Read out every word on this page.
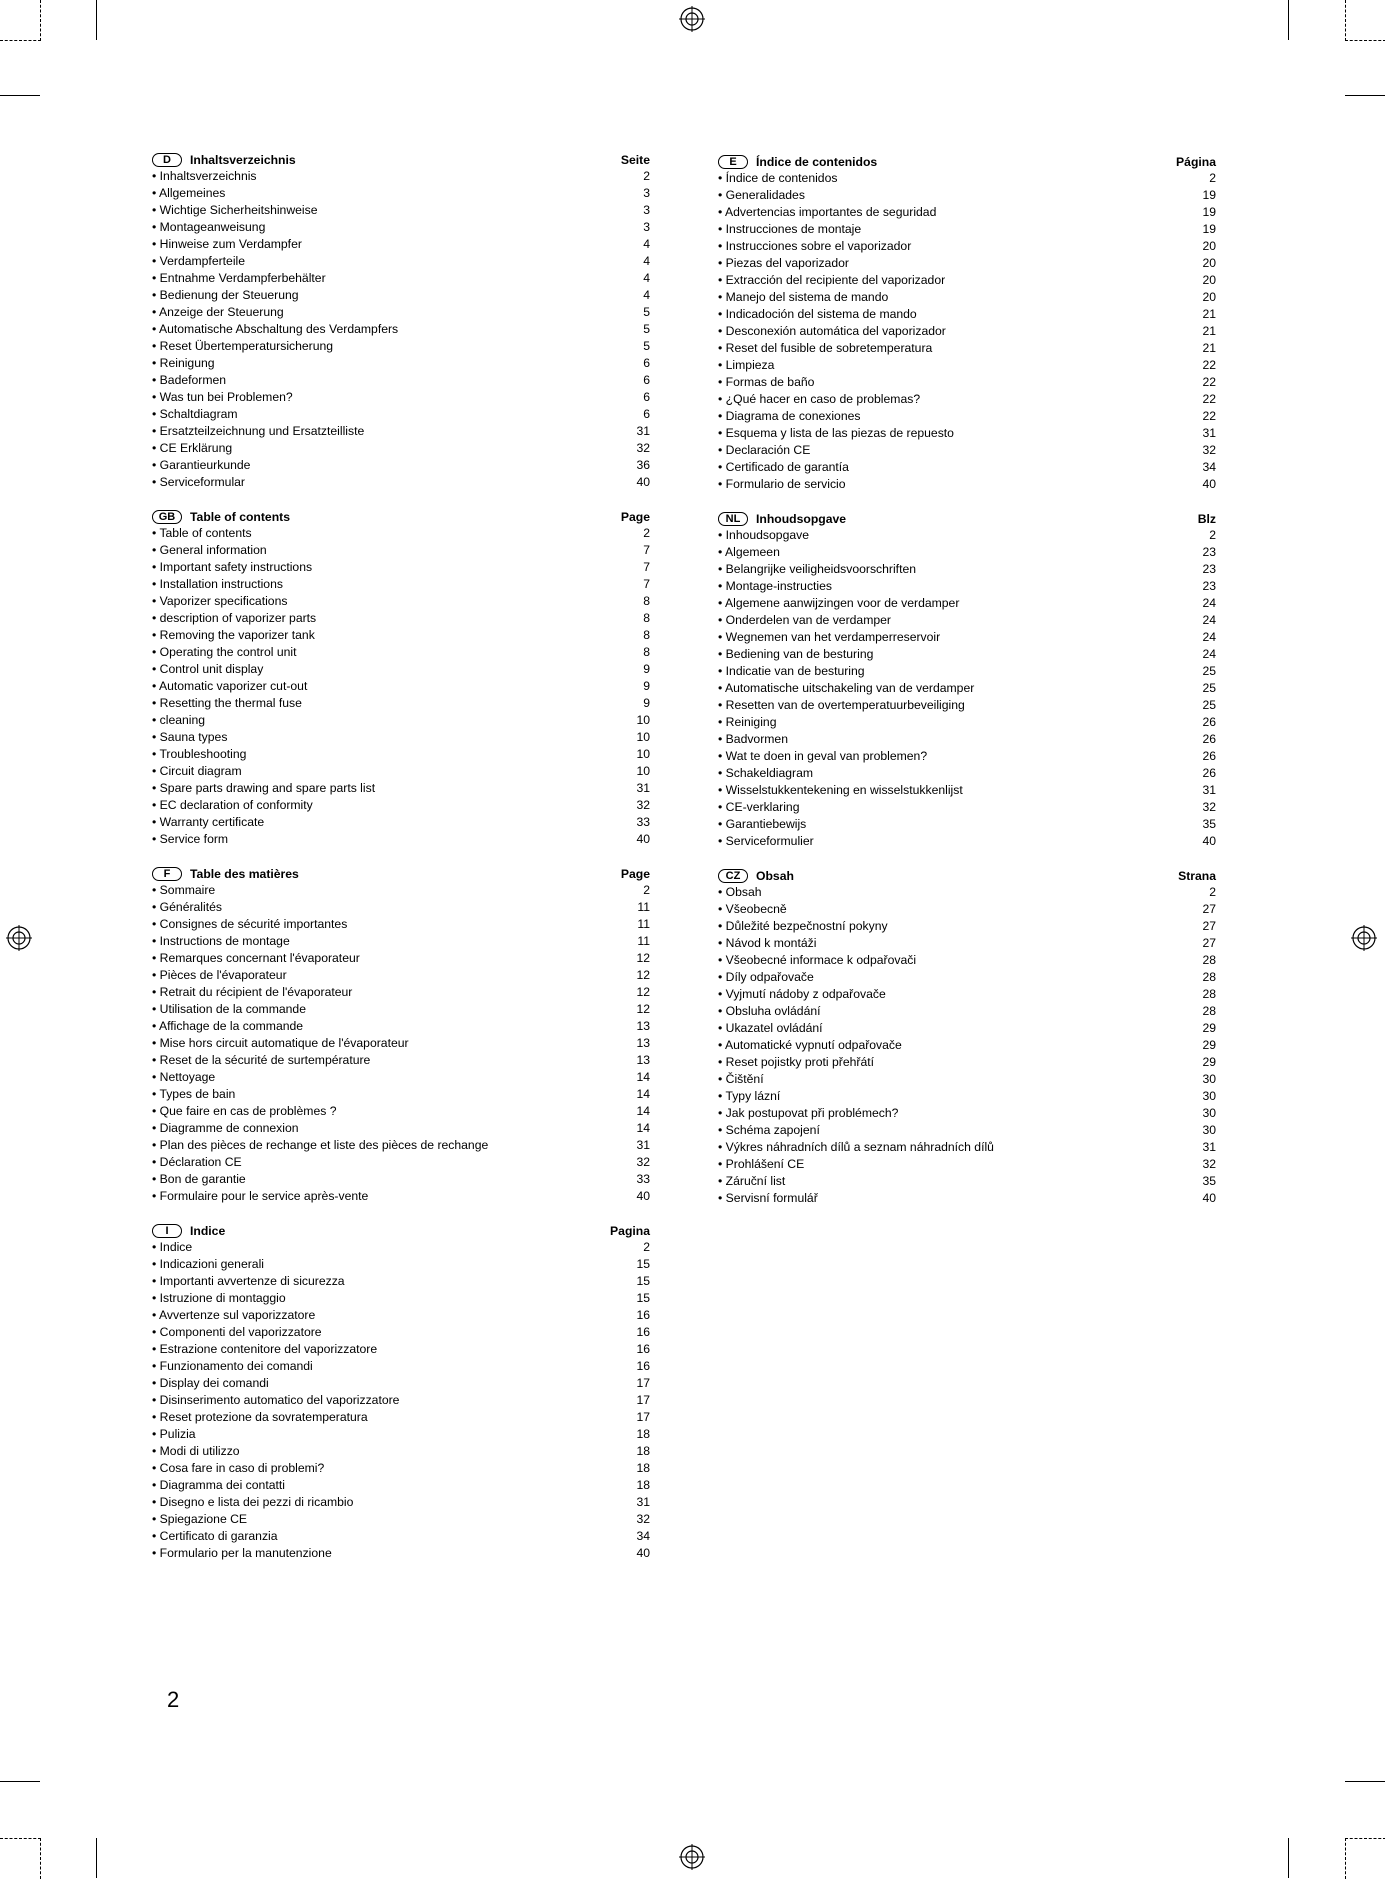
D	Inhaltsverzeichnis	Seite
• Inhaltsverzeichnis	2
• Allgemeines	3
• Wichtige Sicherheitshinweise	3
• Montageanweisung	3
• Hinweise zum Verdampfer	4
• Verdampferteile	4
• Entnahme Verdampferbehälter	4
• Bedienung der Steuerung	4
• Anzeige der Steuerung	5
• Automatische Abschaltung des Verdampfers	5
• Reset Übertemperatursicherung	5
• Reinigung	6
• Badeformen	6
• Was tun bei Problemen?	6
• Schaltdiagram	6
• Ersatzteilzeichnung und Ersatzteilliste	31
• CE Erklärung	32
• Garantieurkunde	36
• Serviceformular	40
GB	Table of contents	Page
• Table of contents	2
• General information	7
• Important safety instructions	7
• Installation instructions	7
• Vaporizer specifications	8
• description of vaporizer parts	8
• Removing the vaporizer tank	8
• Operating the control unit	8
• Control unit display	9
• Automatic vaporizer cut-out	9
• Resetting the thermal fuse	9
• cleaning	10
• Sauna types	10
• Troubleshooting	10
• Circuit diagram	10
• Spare parts drawing and spare parts list	31
• EC declaration of conformity	32
• Warranty certificate	33
• Service form	40
F	Table des matières	Page
• Sommaire	2
• Généralités	11
• Consignes de sécurité importantes	11
• Instructions de montage	11
• Remarques concernant l'évaporateur	12
• Pièces de l'évaporateur	12
• Retrait du récipient de l'évaporateur	12
• Utilisation de la commande	12
• Affichage de la commande	13
• Mise hors circuit automatique de l'évaporateur	13
• Reset de la sécurité de surtempérature	13
• Nettoyage	14
• Types de bain	14
• Que faire en cas de problèmes ?	14
• Diagramme de connexion	14
• Plan des pièces de rechange et liste des pièces de rechange	31
• Déclaration CE	32
• Bon de garantie	33
• Formulaire pour le service après-vente	40
I	Indice	Pagina
• Indice	2
• Indicazioni generali	15
• Importanti avvertenze di sicurezza	15
• Istruzione di montaggio	15
• Avvertenze sul vaporizzatore	16
• Componenti del vaporizzatore	16
• Estrazione contenitore del vaporizzatore	16
• Funzionamento dei comandi	16
• Display dei comandi	17
• Disinserimento automatico del vaporizzatore	17
• Reset protezione da sovratemperatura	17
• Pulizia	18
• Modi di utilizzo	18
• Cosa fare in caso di problemi?	18
• Diagramma dei contatti	18
• Disegno e lista dei pezzi di ricambio	31
• Spiegazione CE	32
• Certificato di garanzia	34
• Formulario per la manutenzione	40
E	Índice de contenidos	Página
• Índice de contenidos	2
• Generalidades	19
• Advertencias importantes de seguridad	19
• Instrucciones de montaje	19
• Instrucciones sobre el vaporizador	20
• Piezas del vaporizador	20
• Extracción del recipiente del vaporizador	20
• Manejo del sistema de mando	20
• Indicadoción del sistema de mando	21
• Desconexión automática del vaporizador	21
• Reset del fusible de sobretemperatura	21
• Limpieza	22
• Formas de baño	22
• ¿Qué hacer en caso de problemas?	22
• Diagrama de conexiones	22
• Esquema y lista de las piezas de repuesto	31
• Declaración CE	32
• Certificado de garantía	34
• Formulario de servicio	40
NL	Inhoudsopgave	Blz
• Inhoudsopgave	2
• Algemeen	23
• Belangrijke veiligheidsvoorschriften	23
• Montage-instructies	23
• Algemene aanwijzingen voor de verdamper	24
• Onderdelen van de verdamper	24
• Wegnemen van het verdamperreservoir	24
• Bediening van de besturing	24
• Indicatie van de besturing	25
• Automatische uitschakeling van de verdamper	25
• Resetten van de overtemperatuurbeveiliging	25
• Reiniging	26
• Badvormen	26
• Wat te doen in geval van problemen?	26
• Schakeldiagram	26
• Wisselstukkentekening en wisselstukkenlijst	31
• CE-verklaring	32
• Garantiebewijs	35
• Serviceformulier	40
CZ	Obsah	Strana
• Obsah	2
• Všeobecně	27
• Důležité bezpečnostní pokyny	27
• Návod k montáži	27
• Všeobecné informace k odpařovači	28
• Díly odpařovače	28
• Vyjmutí nádoby z odpařovače	28
• Obsluha ovládání	28
• Ukazatel ovládání	29
• Automatické vypnutí odpařovače	29
• Reset pojistky proti přehřátí	29
• Čištění	30
• Typy lázní	30
• Jak postupovat při problémech?	30
• Schéma zapojení	30
• Výkres náhradních dílů a seznam náhradních dílů	31
• Prohlášení CE	32
• Záruční list	35
• Servisní formulář	40
2
